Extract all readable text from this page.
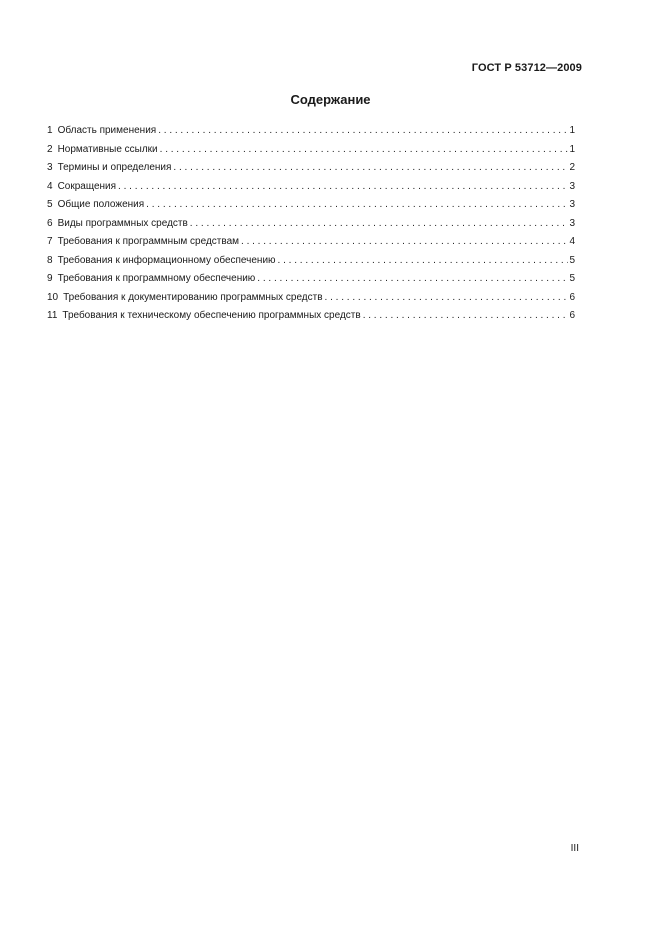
ГОСТ Р 53712—2009
Содержание
1 Область применения . . .	1
2 Нормативные ссылки . . .	1
3 Термины и определения . . .	2
4 Сокращения . . .	3
5 Общие положения . . .	3
6 Виды программных средств . . .	3
7 Требования к программным средствам . . .	4
8 Требования к информационному обеспечению . . .	5
9 Требования к программному обеспечению . . .	5
10 Требования к документированию программных средств . . .	6
11 Требования к техническому обеспечению программных средств . . .	6
III
